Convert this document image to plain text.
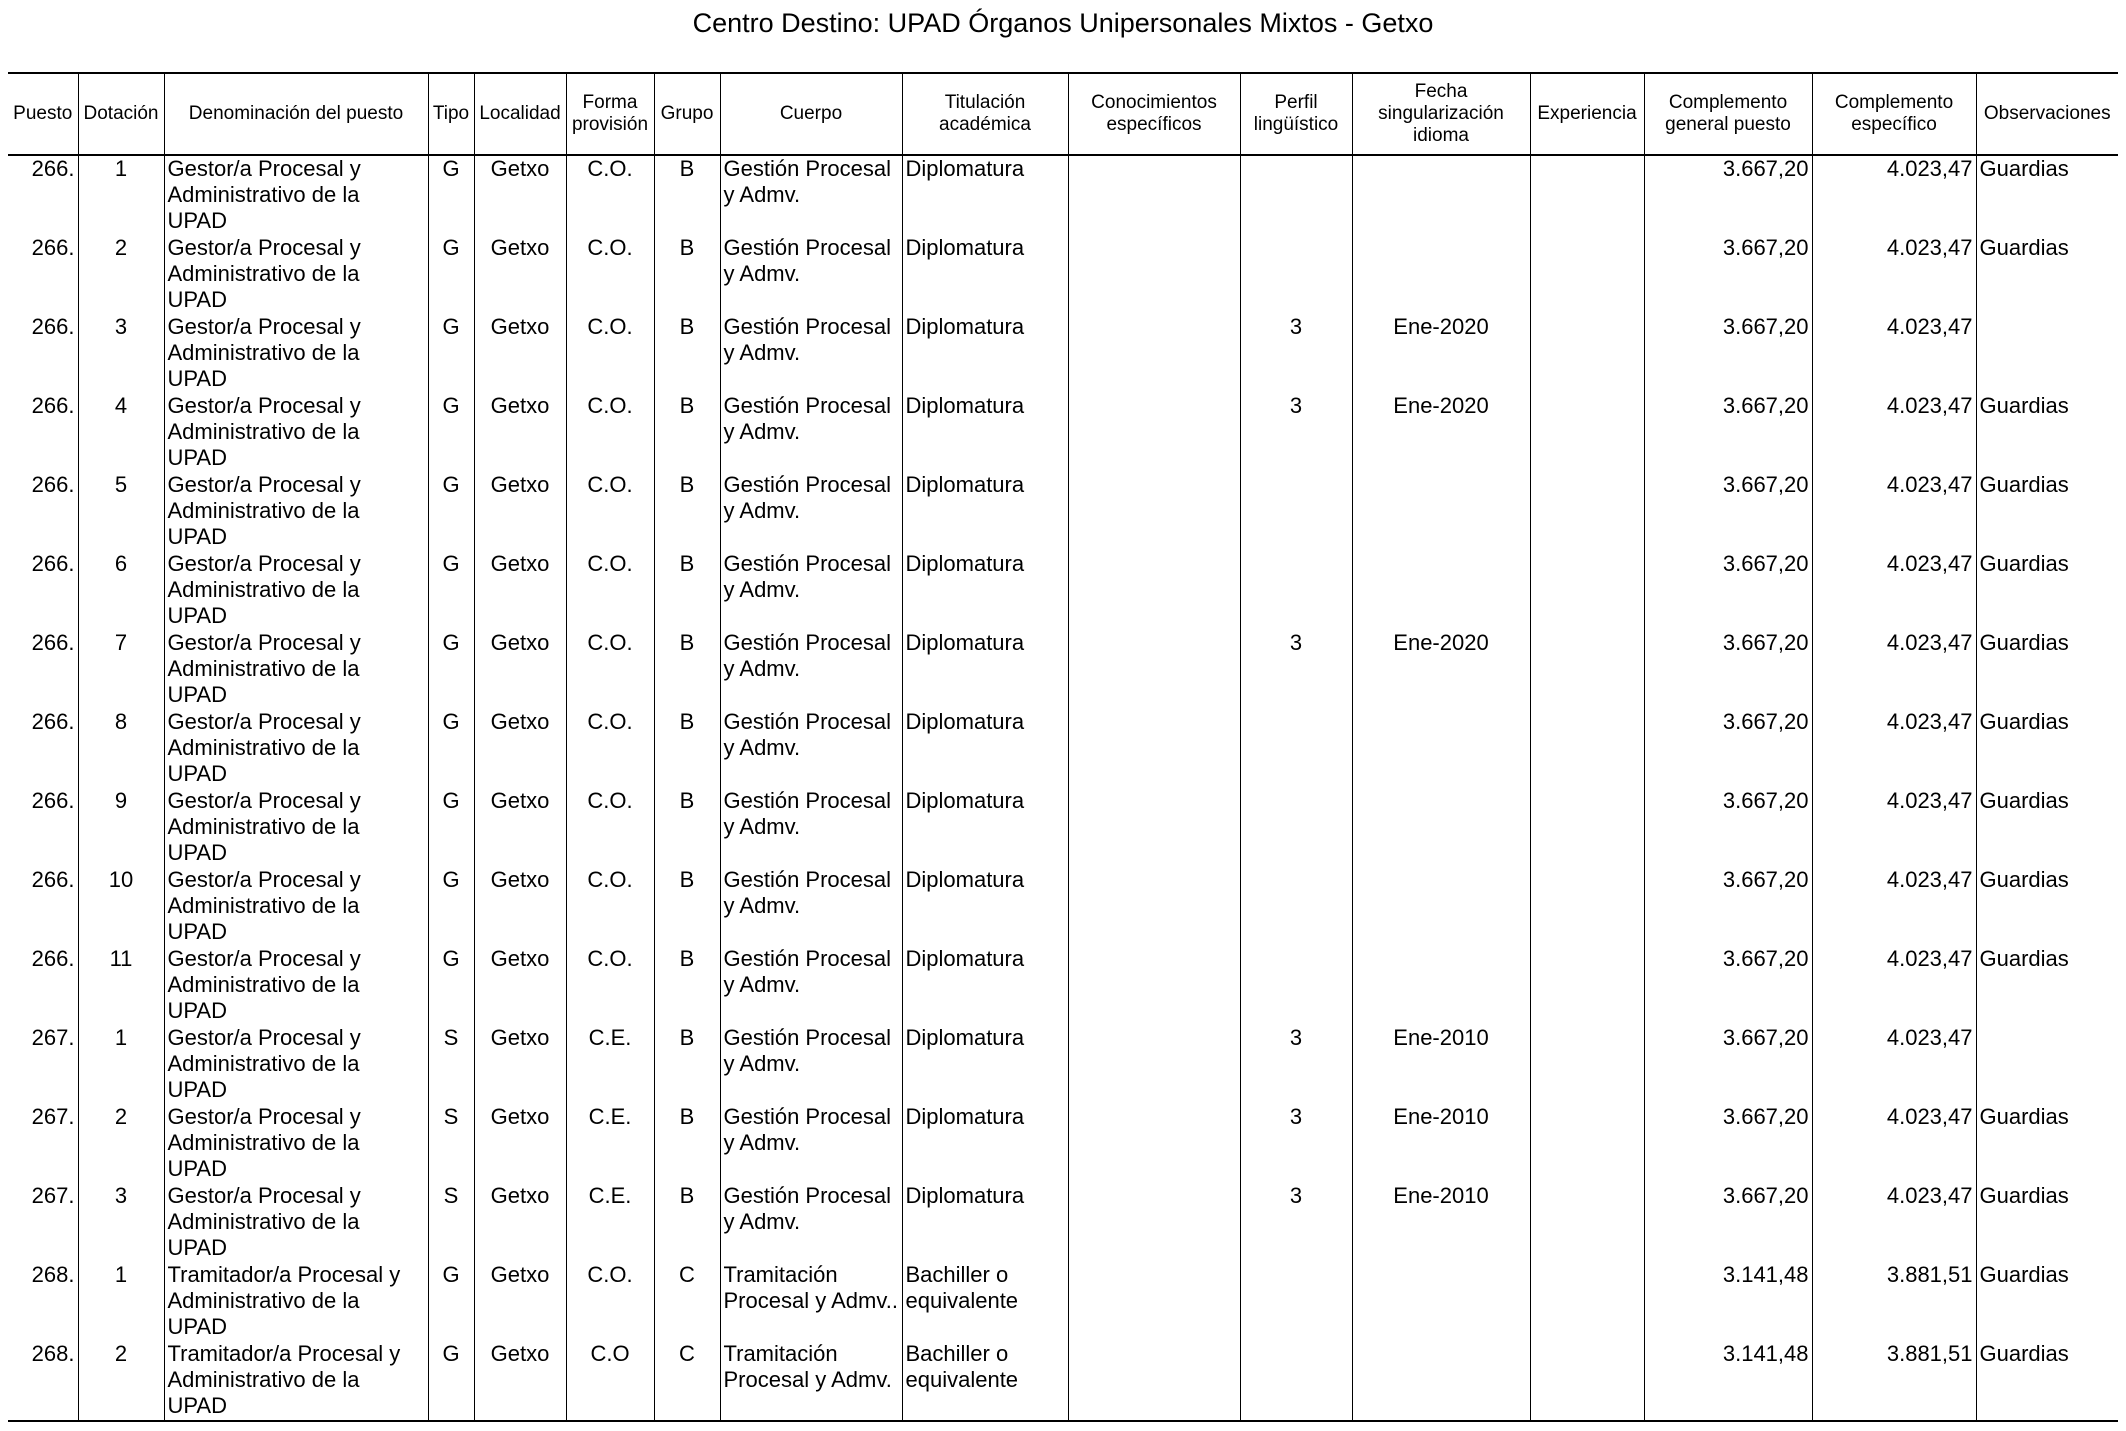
Centro Destino: UPAD Órganos Unipersonales Mixtos - Getxo
Puesto	Dotación	Denominación del puesto	Tipo	Localidad	Forma provisión	Grupo	Cuerpo	Titulación académica	Conocimientos específicos	Perfil lingüístico	Fecha singularización idioma	Experiencia	Complemento general puesto	Complemento específico	Observaciones
266.	1	Gestor/a Procesal y Administrativo de la UPAD	G	Getxo	C.O.	B	Gestión Procesal y Admv.	Diplomatura					3.667,20	4.023,47	Guardias
266.	2	Gestor/a Procesal y Administrativo de la UPAD	G	Getxo	C.O.	B	Gestión Procesal y Admv.	Diplomatura					3.667,20	4.023,47	Guardias
266.	3	Gestor/a Procesal y Administrativo de la UPAD	G	Getxo	C.O.	B	Gestión Procesal y Admv.	Diplomatura		3	Ene-2020		3.667,20	4.023,47	
266.	4	Gestor/a Procesal y Administrativo de la UPAD	G	Getxo	C.O.	B	Gestión Procesal y Admv.	Diplomatura		3	Ene-2020		3.667,20	4.023,47	Guardias
266.	5	Gestor/a Procesal y Administrativo de la UPAD	G	Getxo	C.O.	B	Gestión Procesal y Admv.	Diplomatura					3.667,20	4.023,47	Guardias
266.	6	Gestor/a Procesal y Administrativo de la UPAD	G	Getxo	C.O.	B	Gestión Procesal y Admv.	Diplomatura					3.667,20	4.023,47	Guardias
266.	7	Gestor/a Procesal y Administrativo de la UPAD	G	Getxo	C.O.	B	Gestión Procesal y Admv.	Diplomatura		3	Ene-2020		3.667,20	4.023,47	Guardias
266.	8	Gestor/a Procesal y Administrativo de la UPAD	G	Getxo	C.O.	B	Gestión Procesal y Admv.	Diplomatura					3.667,20	4.023,47	Guardias
266.	9	Gestor/a Procesal y Administrativo de la UPAD	G	Getxo	C.O.	B	Gestión Procesal y Admv.	Diplomatura					3.667,20	4.023,47	Guardias
266.	10	Gestor/a Procesal y Administrativo de la UPAD	G	Getxo	C.O.	B	Gestión Procesal y Admv.	Diplomatura					3.667,20	4.023,47	Guardias
266.	11	Gestor/a Procesal y Administrativo de la UPAD	G	Getxo	C.O.	B	Gestión Procesal y Admv.	Diplomatura					3.667,20	4.023,47	Guardias
267.	1	Gestor/a Procesal y Administrativo de la UPAD	S	Getxo	C.E.	B	Gestión Procesal y Admv.	Diplomatura		3	Ene-2010		3.667,20	4.023,47	
267.	2	Gestor/a Procesal y Administrativo de la UPAD	S	Getxo	C.E.	B	Gestión Procesal y Admv.	Diplomatura		3	Ene-2010		3.667,20	4.023,47	Guardias
267.	3	Gestor/a Procesal y Administrativo de la UPAD	S	Getxo	C.E.	B	Gestión Procesal y Admv.	Diplomatura		3	Ene-2010		3.667,20	4.023,47	Guardias
268.	1	Tramitador/a Procesal y Administrativo de la UPAD	G	Getxo	C.O.	C	Tramitación Procesal y Admv..	Bachiller o equivalente					3.141,48	3.881,51	Guardias
268.	2	Tramitador/a Procesal y Administrativo de la UPAD	G	Getxo	C.O	C	Tramitación Procesal y Admv.	Bachiller o equivalente					3.141,48	3.881,51	Guardias
